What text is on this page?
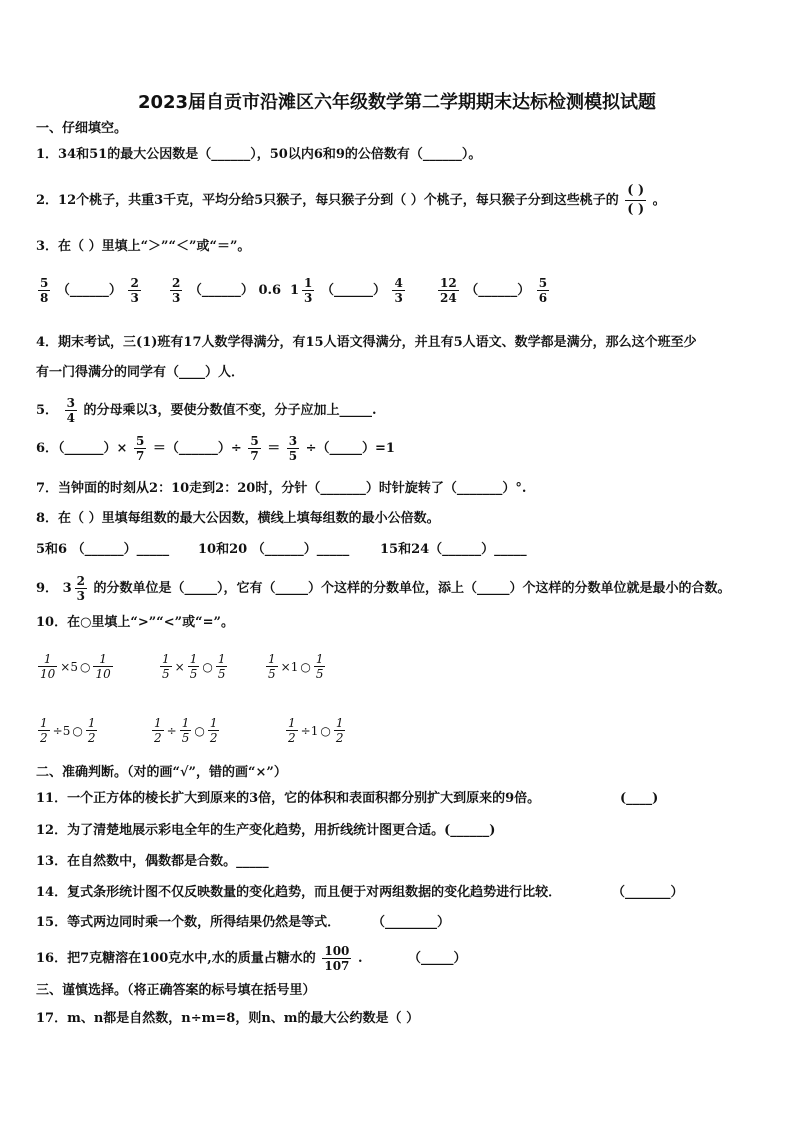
2023届自贡市沿滩区六年级数学第二学期期末达标检测模拟试题
一、仔细填空。
1．34和51的最大公因数是（______），50以内6和9的公倍数有（______）。
2．12个桃子，共重3千克，平均分给5只猴子，每只猴子分到（ ）个桃子，每只猴子分到这些桃子的 $\frac{( )}{( )}$ 。
3．在（ ）里填上“＞”“＜”或“＝”。
$\frac{5}{8}$ （______） $\frac{2}{3} \frac{2}{3}$ （______） 0.6 $1 \frac{1}{3}$ （______） $\frac{4}{3}$	$\frac{12}{24}$ （______） $\frac{5}{6}$
4．期末考试，三(1)班有17人数学得满分，有15人语文得满分，并且有5人语文、数学都是满分，那么这个班至少
有一门得满分的同学有（____）人．
5． $\frac{3}{4}$ 的分母乘以3，要使分数值不变，分子应加上_____.
6．（______）× $\frac{5}{7}$ ＝（______）÷ $\frac{5}{7} = \frac{3}{5}$ ÷（_____）=1
7．当钟面的时刻从2：10走到2：20时，分针（_______）时针旋转了（_______）°.
8．在（ ）里填每组数的最大公因数，横线上填每组数的最小公倍数。
5和6 （______）_____ 10和20 （______）_____ 15和24（______）_____
9． $3 \frac{2}{3}$ 的分数单位是（_____），它有（_____）个这样的分数单位，添上（_____）个这样的分数单位就是最小的合数。
10．在○里填上“>”“<”或“=”。
$\frac{1}{10} \times 5$ ○ $\frac{1}{10}$	$\frac{1}{5} \times \frac{1}{5}$ ○ $\frac{1}{5}$	$\frac{1}{5} \times 1$ ○ $\frac{1}{5}$
$\frac{1}{2} \div 5$ ○ $\frac{1}{2}$	$\frac{1}{2} \div \frac{1}{5}$ ○ $\frac{1}{2}$	$\frac{1}{2} \div 1$ ○ $\frac{1}{2}$
二、准确判断。（对的画“√”，错的画“×”）
11．一个正方体的棱长扩大到原来的3倍，它的体积和表面积都分别扩大到原来的9倍。	(____)
12．为了清楚地展示彩电全年的生产变化趋势，用折线统计图更合适。(______)
13．在自然数中，偶数都是合数。_____
14．复式条形统计图不仅反映数量的变化趋势，而且便于对两组数据的变化趋势进行比较．	（_______）
15．等式两边同时乘一个数，所得结果仍然是等式． （________）
16．把7克糖溶在100克水中,水的质量占糖水的 $\frac{100}{107}$ .	（_____）
三、谨慎选择。（将正确答案的标号填在括号里）
17．m、n都是自然数，n÷m=8，则n、m的最大公约数是（ ）
